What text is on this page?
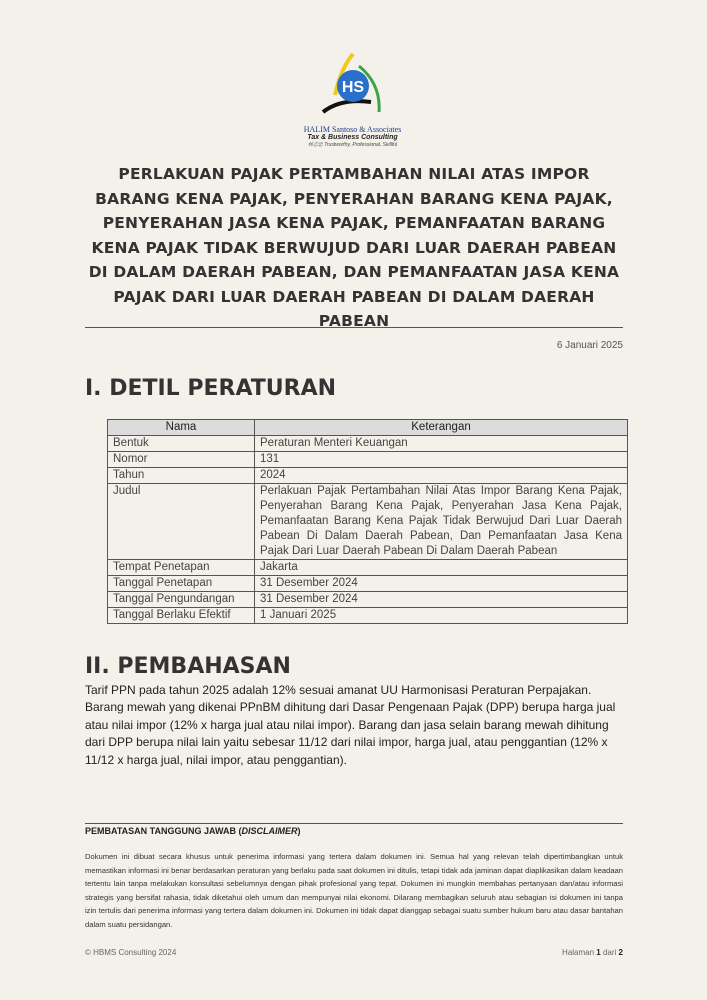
HS
HALIM Santoso & Associates
Tax & Business Consulting
林志忠 Trustworthy, Professional, Skillful
PERLAKUAN PAJAK PERTAMBAHAN NILAI ATAS IMPOR BARANG KENA PAJAK, PENYERAHAN BARANG KENA PAJAK, PENYERAHAN JASA KENA PAJAK, PEMANFAATAN BARANG KENA PAJAK TIDAK BERWUJUD DARI LUAR DAERAH PABEAN DI DALAM DAERAH PABEAN, DAN PEMANFAATAN JASA KENA PAJAK DARI LUAR DAERAH PABEAN DI DALAM DAERAH PABEAN
6 Januari 2025
I. DETIL PERATURAN
Nama	Keterangan
Bentuk	Peraturan Menteri Keuangan
Nomor	131
Tahun	2024
Judul	Perlakuan Pajak Pertambahan Nilai Atas Impor Barang Kena Pajak, Penyerahan Barang Kena Pajak, Penyerahan Jasa Kena Pajak, Pemanfaatan Barang Kena Pajak Tidak Berwujud Dari Luar Daerah Pabean Di Dalam Daerah Pabean, Dan Pemanfaatan Jasa Kena Pajak Dari Luar Daerah Pabean Di Dalam Daerah Pabean
Tempat Penetapan	Jakarta
Tanggal Penetapan	31 Desember 2024
Tanggal Pengundangan	31 Desember 2024
Tanggal Berlaku Efektif	1 Januari 2025
II. PEMBAHASAN
Tarif PPN pada tahun 2025 adalah 12% sesuai amanat UU Harmonisasi Peraturan Perpajakan. Barang mewah yang dikenai PPnBM dihitung dari Dasar Pengenaan Pajak (DPP) berupa harga jual atau nilai impor (12% x harga jual atau nilai impor). Barang dan jasa selain barang mewah dihitung dari DPP berupa nilai lain yaitu sebesar 11/12 dari nilai impor, harga jual, atau penggantian (12% x 11/12 x harga jual, nilai impor, atau penggantian).
PEMBATASAN TANGGUNG JAWAB (DISCLAIMER)
Dokumen ini dibuat secara khusus untuk penerima informasi yang tertera dalam dokumen ini. Semua hal yang relevan telah dipertimbangkan untuk memastikan informasi ini benar berdasarkan peraturan yang berlaku pada saat dokumen ini ditulis, tetapi tidak ada jaminan dapat diaplikasikan dalam keadaan tertentu lain tanpa melakukan konsultasi sebelumnya dengan pihak profesional yang tepat. Dokumen ini mungkin membahas pertanyaan dan/atau informasi strategis yang bersifat rahasia, tidak diketahui oleh umum dan mempunyai nilai ekonomi. Dilarang membagikan seluruh atau sebagian isi dokumen ini tanpa izin tertulis dari penerima informasi yang tertera dalam dokumen ini. Dokumen ini tidak dapat dianggap sebagai suatu sumber hukum baru atau dasar bantahan dalam suatu persidangan.
© HBMS Consulting 2024	Halaman 1 dari 2
